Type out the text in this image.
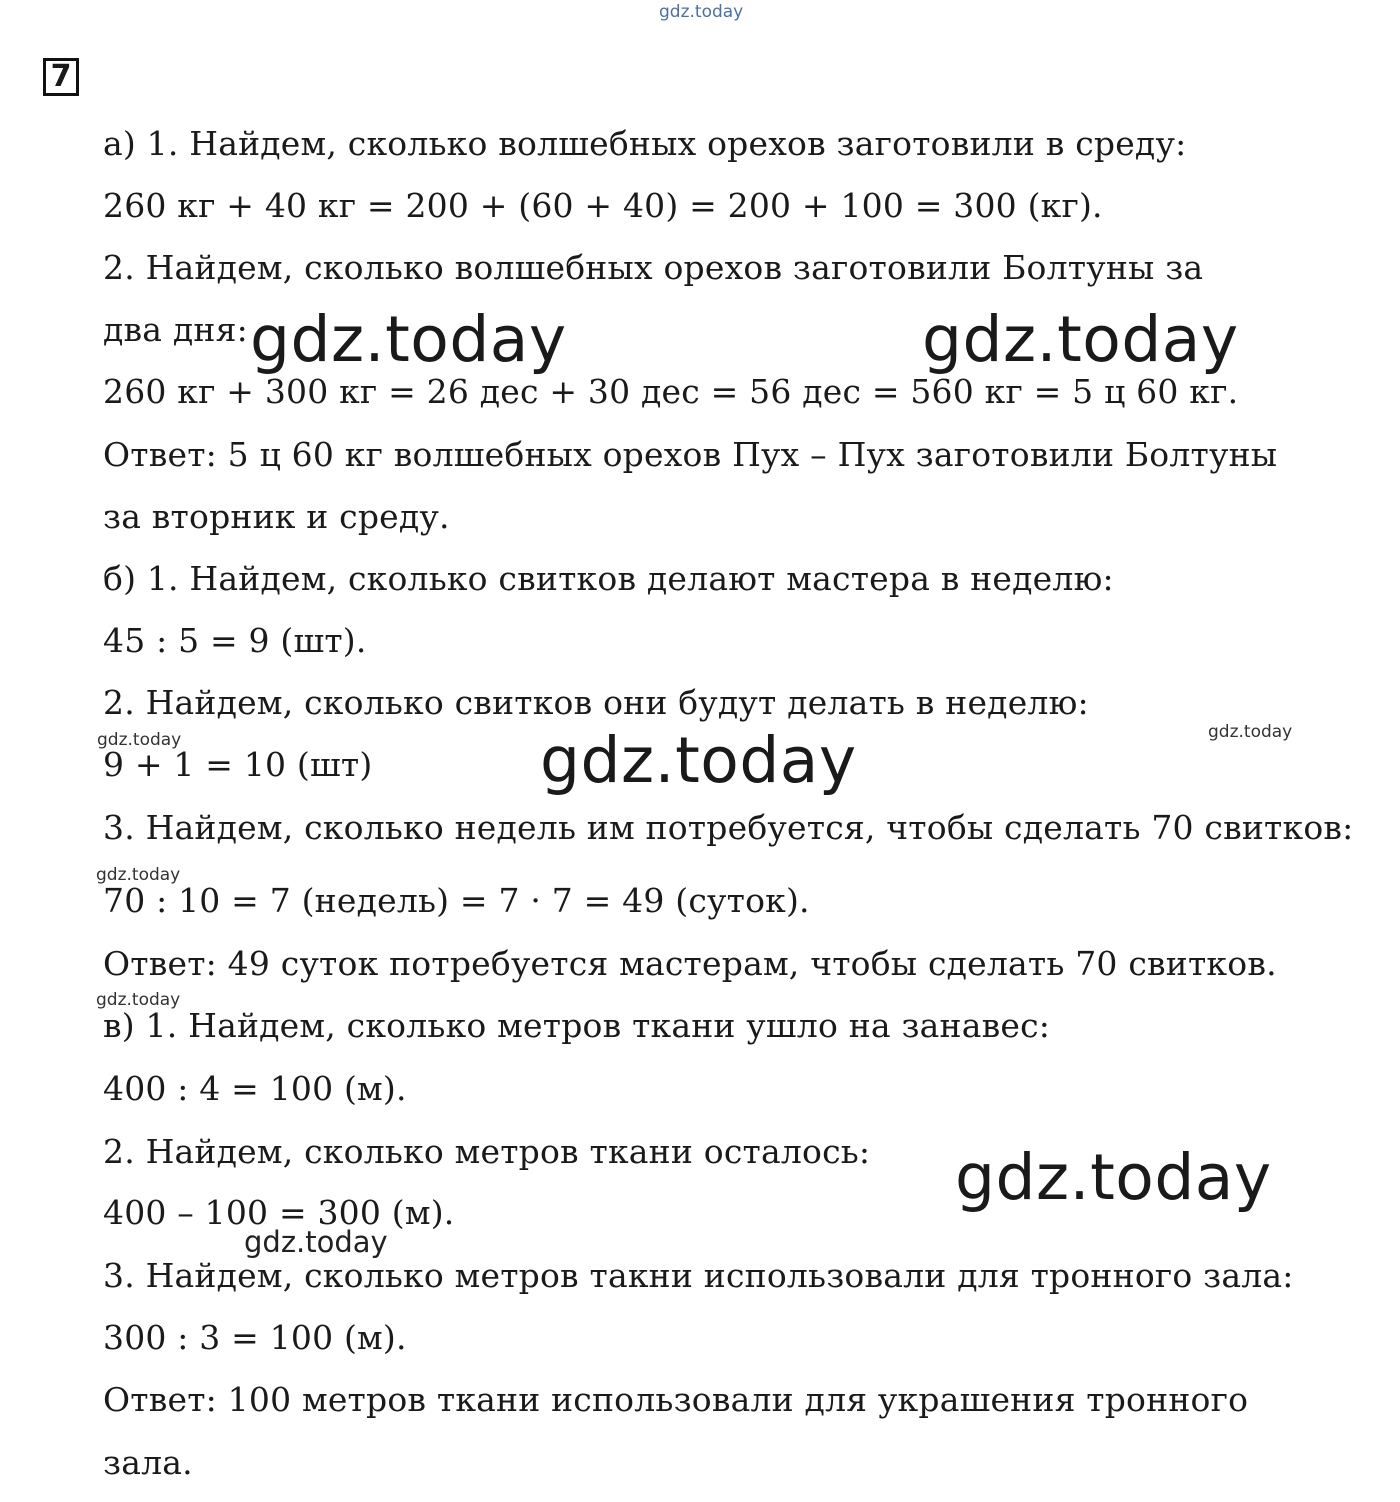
gdz.today
7
а) 1. Найдем, сколько волшебных орехов заготовили в среду:
260 кг + 40 кг = 200 + (60 + 40) = 200 + 100 = 300 (кг).
2. Найдем, сколько волшебных орехов заготовили Болтуны за
два дня:
260 кг + 300 кг = 26 дес + 30 дес = 56 дес = 560 кг = 5 ц 60 кг.
Ответ: 5 ц 60 кг волшебных орехов Пух – Пух заготовили Болтуны
за вторник и среду.
б) 1. Найдем, сколько свитков делают мастера в неделю:
45 : 5 = 9 (шт).
2. Найдем, сколько свитков они будут делать в неделю:
9 + 1 = 10 (шт)
3. Найдем, сколько недель им потребуется, чтобы сделать 70 свитков:
70 : 10 = 7 (недель) = 7 · 7 = 49 (суток).
Ответ: 49 суток потребуется мастерам, чтобы сделать 70 свитков.
в) 1. Найдем, сколько метров ткани ушло на занавес:
400 : 4 = 100 (м).
2. Найдем, сколько метров ткани осталось:
400 – 100 = 300 (м).
3. Найдем, сколько метров такни использовали для тронного зала:
300 : 3 = 100 (м).
Ответ: 100 метров ткани использовали для украшения тронного
зала.
gdz.today	gdz.today
gdz.today
gdz.today
gdz.today	gdz.today
gdz.today
gdz.today
gdz.today
